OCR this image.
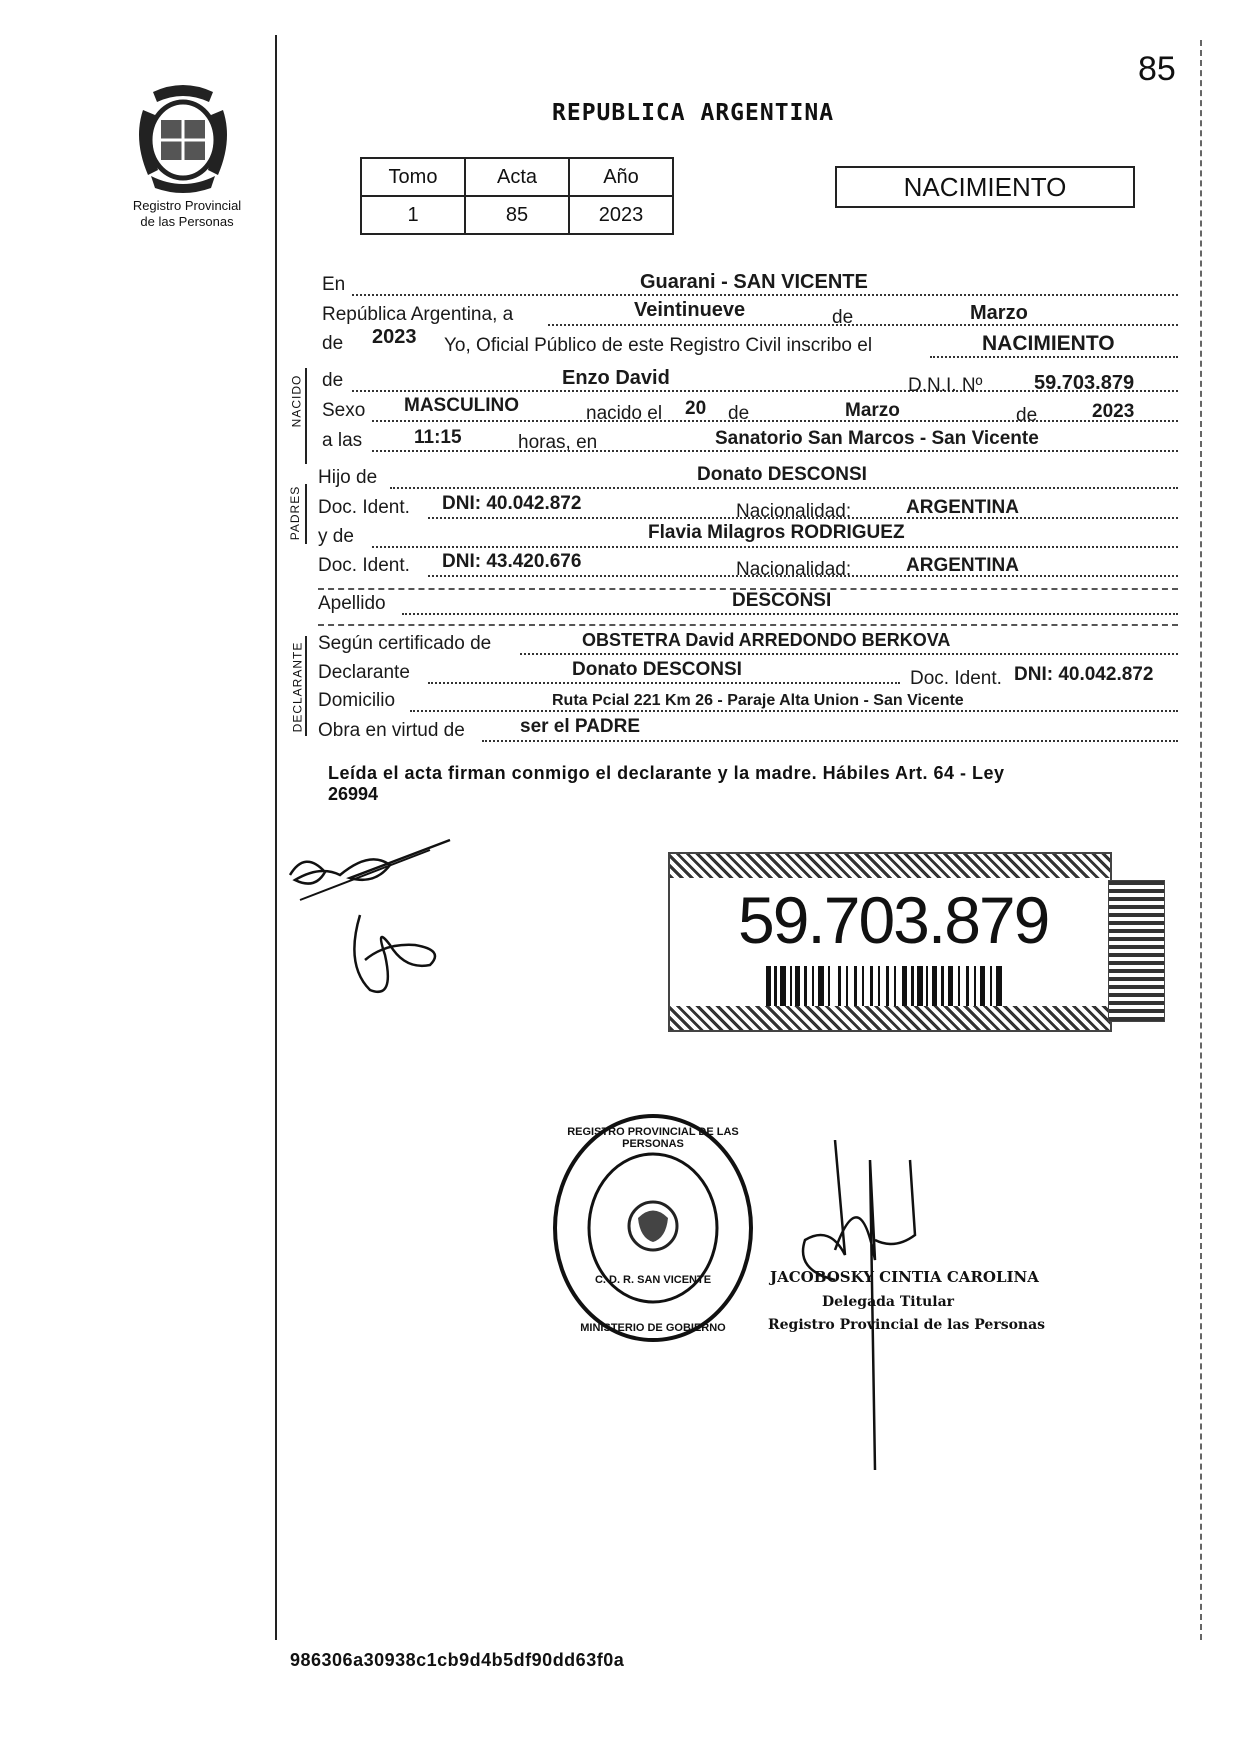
85
Registro Provincial
de las Personas
REPUBLICA ARGENTINA
Tomo	Acta	Año
1	85	2023
NACIMIENTO
NACIDO
PADRES
DECLARANTE
En	Guarani - SAN VICENTE
República Argentina, a	Veintinueve	de	Marzo
de 2023 Yo, Oficial Público de este Registro Civil inscribo el	NACIMIENTO
de	Enzo David	D.N.I. Nº	59.703.879
Sexo MASCULINO	nacido el 20 de	Marzo	de	2023
a las	11:15	horas, en	Sanatorio San Marcos - San Vicente
Hijo de	Donato DESCONSI
Doc. Ident. DNI: 40.042.872	Nacionalidad:	ARGENTINA
y de	Flavia Milagros RODRIGUEZ
Doc. Ident. DNI: 43.420.676	Nacionalidad:	ARGENTINA
Apellido	DESCONSI
Según certificado de	OBSTETRA David ARREDONDO BERKOVA
Declarante	Donato DESCONSI	Doc. Ident. DNI: 40.042.872
Domicilio	Ruta Pcial 221 Km 26 - Paraje Alta Union - San Vicente
Obra en virtud de	ser el PADRE
Leída el acta firman conmigo el declarante y la madre. Hábiles Art. 64 - Ley
26994
59.703.879
REGISTRO PROVINCIAL DE LAS PERSONAS
C. D. R. SAN VICENTE
MINISTERIO DE GOBIERNO
JACOBOSKY CINTIA CAROLINA
Delegada Titular
Registro Provincial de las Personas
986306a30938c1cb9d4b5df90dd63f0a
